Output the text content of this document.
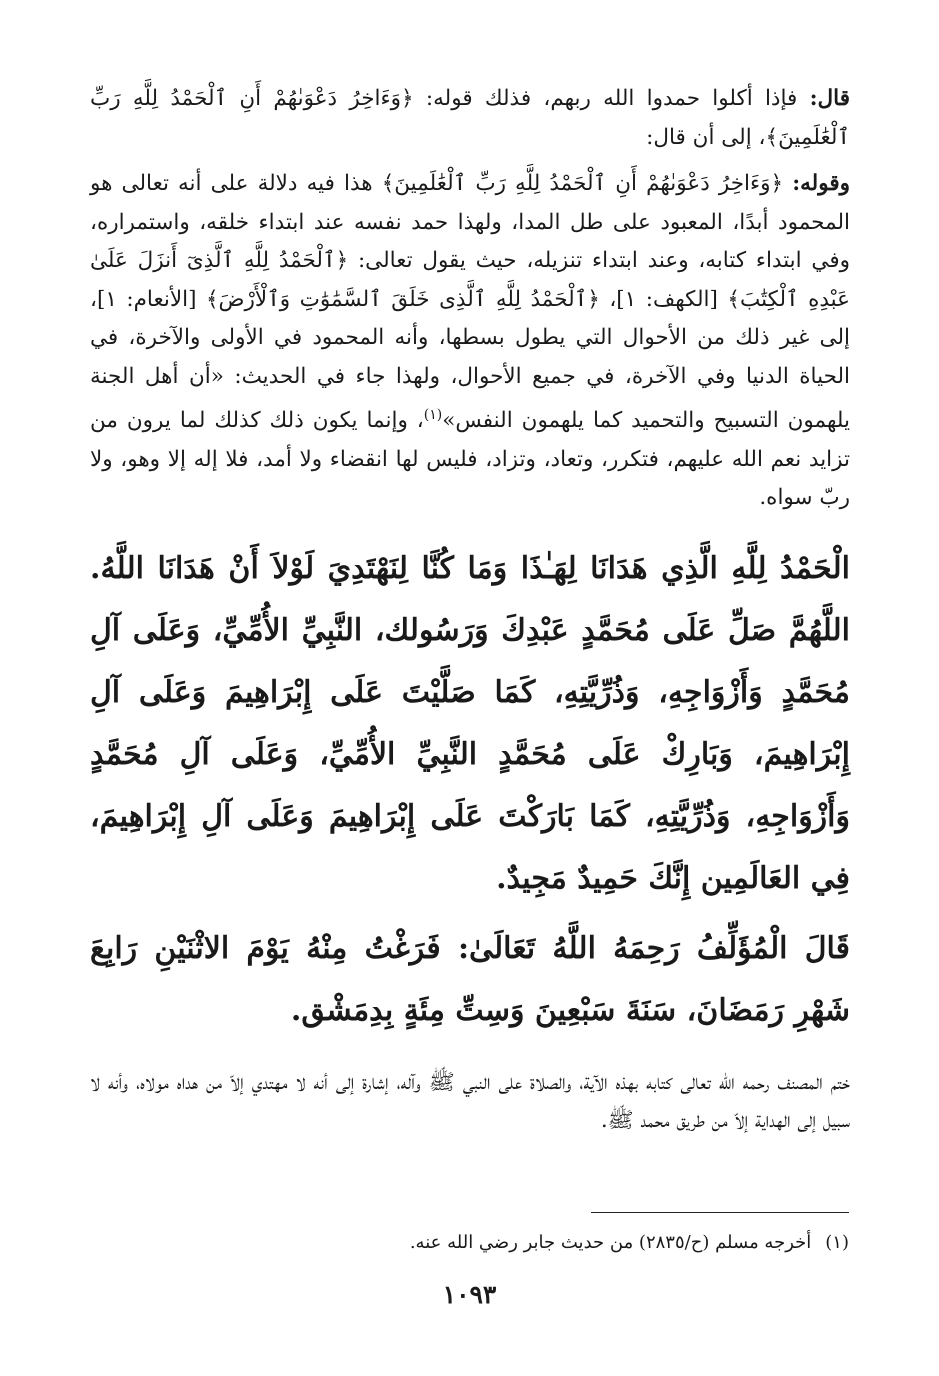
قال: فإذا أكلوا حمدوا الله ربهم، فذلك قوله: ﴿وَءَاخِرُ دَعْوَىٰهُمْ أَنِ ٱلْحَمْدُ لِلَّهِ رَبِّ ٱلْعَٰلَمِينَ﴾، إلى أن قال:

وقوله: ﴿وَءَاخِرُ دَعْوَىٰهُمْ أَنِ ٱلْحَمْدُ لِلَّهِ رَبِّ ٱلْعَٰلَمِينَ﴾ هذا فيه دلالة على أنه تعالى هو المحمود أبدًا، المعبود على طل المدا، ولهذا حمد نفسه عند ابتداء خلقه، واستمراره، وفي ابتداء كتابه، وعند ابتداء تنزيله، حيث يقول تعالى: ﴿ٱلْحَمْدُ لِلَّهِ ٱلَّذِىٓ أَنزَلَ عَلَىٰ عَبْدِهِ ٱلْكِتَٰبَ﴾ [الكهف: ١]، ﴿ٱلْحَمْدُ لِلَّهِ ٱلَّذِى خَلَقَ ٱلسَّمَٰوَٰتِ وَٱلْأَرْضَ﴾ [الأنعام: ١]، إلى غير ذلك من الأحوال التي يطول بسطها، وأنه المحمود في الأولى والآخرة، في الحياة الدنيا وفي الآخرة، في جميع الأحوال، ولهذا جاء في الحديث: «أن أهل الجنة يلهمون التسبيح والتحميد كما يلهمون النفس»$^{(١)}$، وإنما يكون ذلك كذلك لما يرون من تزايد نعم الله عليهم، فتكرر، وتعاد، وتزاد، فليس لها انقضاء ولا أمد، فلا إله إلا وهو، ولا ربّ سواه.

الْحَمْدُ لِلَّهِ الَّذِي هَدَانَا لِهَـٰذَا وَمَا كُنَّا لِنَهْتَدِيَ لَوْلاَ أَنْ هَدَانَا اللَّهُ. اللَّهُمَّ صَلِّ عَلَى مُحَمَّدٍ عَبْدِكَ وَرَسُولك، النَّبِيِّ الأُمِّيِّ، وَعَلَى آلِ مُحَمَّدٍ وَأَزْوَاجِهِ، وَذُرِّيَّتِهِ، كَمَا صَلَّيْتَ عَلَى إِبْرَاهِيمَ وَعَلَى آلِ إِبْرَاهِيمَ، وَبَارِكْ عَلَى مُحَمَّدٍ النَّبِيِّ الأُمِّيِّ، وَعَلَى آلِ مُحَمَّدٍ وَأَزْوَاجِهِ، وَذُرِّيَّتِهِ، كَمَا بَارَكْتَ عَلَى إِبْرَاهِيمَ وَعَلَى آلِ إِبْرَاهِيمَ، فِي العَالَمِين إِنَّكَ حَمِيدٌ مَجِيدٌ.

قَالَ الْمُؤَلِّفُ رَحِمَهُ اللَّهُ تَعَالَىٰ: فَرَغْتُ مِنْهُ يَوْمَ الاثْنَيْنِ رَابِعَ شَهْرِ رَمَضَانَ، سَنَةَ سَبْعِينَ وَسِتِّ مِئَةٍ بِدِمَشْق.

ختم المصنف رحمه الله تعالى كتابه بهذه الآية، والصلاة على النبي ﷺ وآله، إشارة إلى أنه لا مهتدي إلاّ من هداه مولاه، وأنه لا سبيل إلى الهداية إلاّ من طريق محمد ﷺ.

(١)أخرجه مسلم (ح/٢٨٣٥) من حديث جابر رضي الله عنه.
١٠٩٣
